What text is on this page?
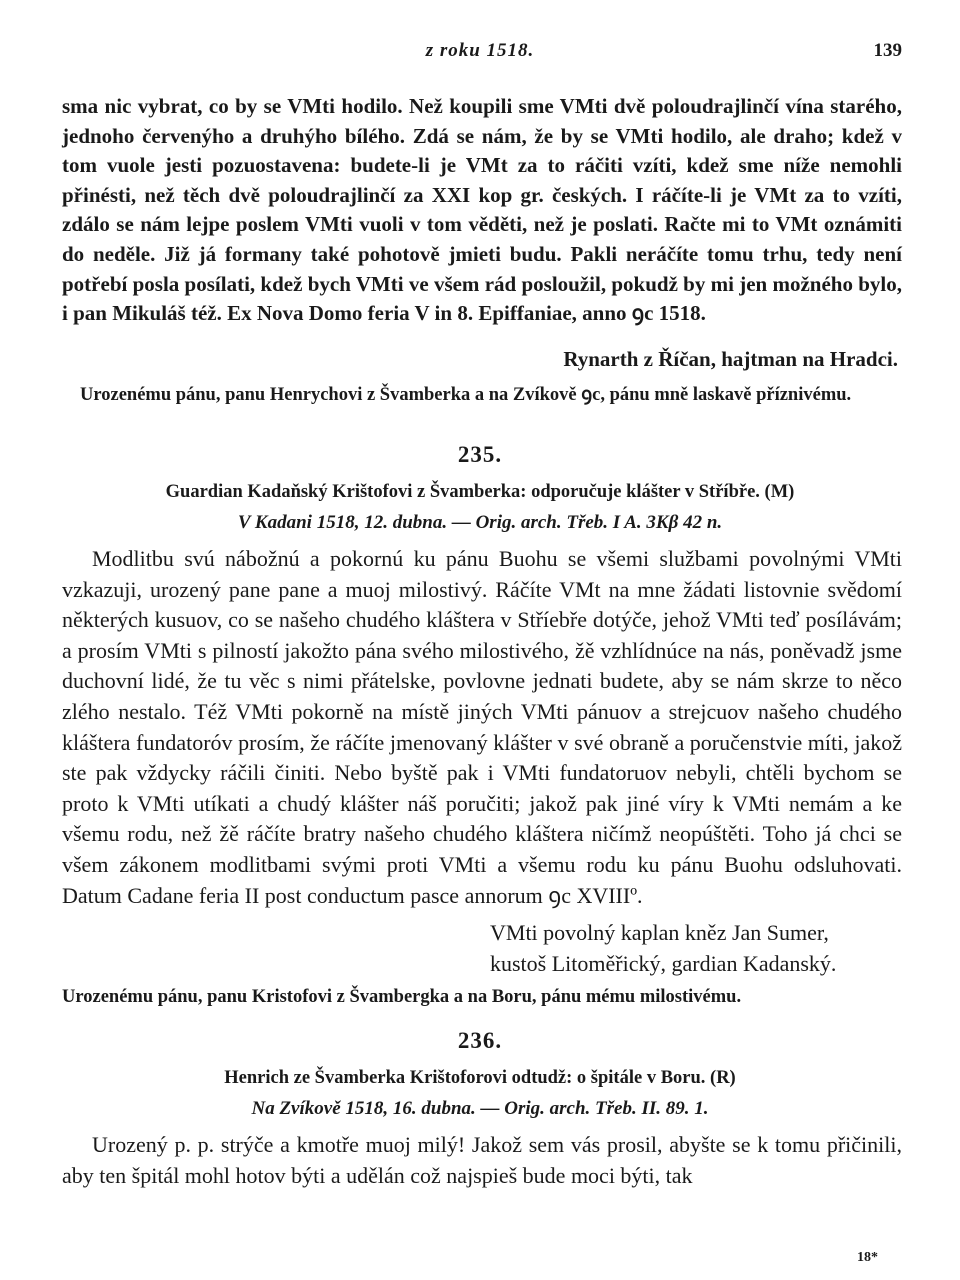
z roku 1518.	139

sma nic vybrat, co by se VMti hodilo. Než koupili sme VMti dvě poloudrajlinčí vína starého, jednoho červenýho a druhýho bílého. Zdá se nám, že by se VMti hodilo, ale draho; kdež v tom vuole jesti pozuostavena: budete-li je VMt za to ráčiti vzíti, kdež sme níže nemohli přinésti, než těch dvě poloudrajlinčí za XXI kop gr. českých. I ráčíte-li je VMt za to vzíti, zdálo se nám lejpe poslem VMti vuoli v tom věděti, než je poslati. Račte mi to VMt oznámiti do neděle. Již já formany také pohotově jmieti budu. Pakli neráčíte tomu trhu, tedy není potřebí posla posílati, kdež bych VMti ve všem rád posloužil, pokudž by mi jen možného bylo, i pan Mikuláš též. Ex Nova Domo feria V in 8. Epiffaniae, anno ꝯc 1518.

Rynarth z Říčan, hajtman na Hradci.

Urozenému pánu, panu Henrychovi z Švamberka a na Zvíkově ꝯc, pánu mně laskavě příznivému.

235.
Guardian Kadaňský Krištofovi z Švamberka: odporučuje klášter v Stříbře. (M)
V Kadani 1518, 12. dubna. — Orig. arch. Třeb. I A. 3Kβ 42 n.

Modlitbu svú nábožnú a pokornú ku pánu Buohu se všemi službami povolnými VMti vzkazuji, urozený pane pane a muoj milostivý. Ráčíte VMt na mne žádati listovnie svědomí některých kusuov, co se našeho chudého kláštera v Stříebře dotýče, jehož VMti teď posílávám; a prosím VMti s pilností jakožto pána svého milostivého, žě vzhlídnúce na nás, poněvadž jsme duchovní lidé, že tu věc s nimi přátelske, povlovne jednati budete, aby se nám skrze to něco zlého nestalo. Též VMti pokorně na místě jiných VMti pánuov a strejcuov našeho chudého kláštera fundatoróv prosím, že ráčíte jmenovaný klášter v své obraně a poručenstvie míti, jakož ste pak vždycky ráčili činiti. Nebo byště pak i VMti fundatoruov nebyli, chtěli bychom se proto k VMti utíkati a chudý klášter náš poručiti; jakož pak jiné víry k VMti nemám a ke všemu rodu, než žě ráčíte bratry našeho chudého kláštera ničímž neopúštěti. Toho já chci se všem zákonem modlitbami svými proti VMti a všemu rodu ku pánu Buohu odsluhovati. Datum Cadane feria II post conductum pasce annorum ꝯc XVIIIº.

VMti povolný kaplan kněz Jan Sumer,

kustoš Litoměřický, gardian Kadanský.

Urozenému pánu, panu Kristofovi z Švambergka a na Boru, pánu mému milostivému.

236.
Henrich ze Švamberka Krištoforovi odtudž: o špitále v Boru. (R)
Na Zvíkově 1518, 16. dubna. — Orig. arch. Třeb. II. 89. 1.

Urozený p. p. strýče a kmotře muoj milý! Jakož sem vás prosil, abyšte se k tomu přičinili, aby ten špitál mohl hotov býti a udělán což najspieš bude moci býti, tak

18*
